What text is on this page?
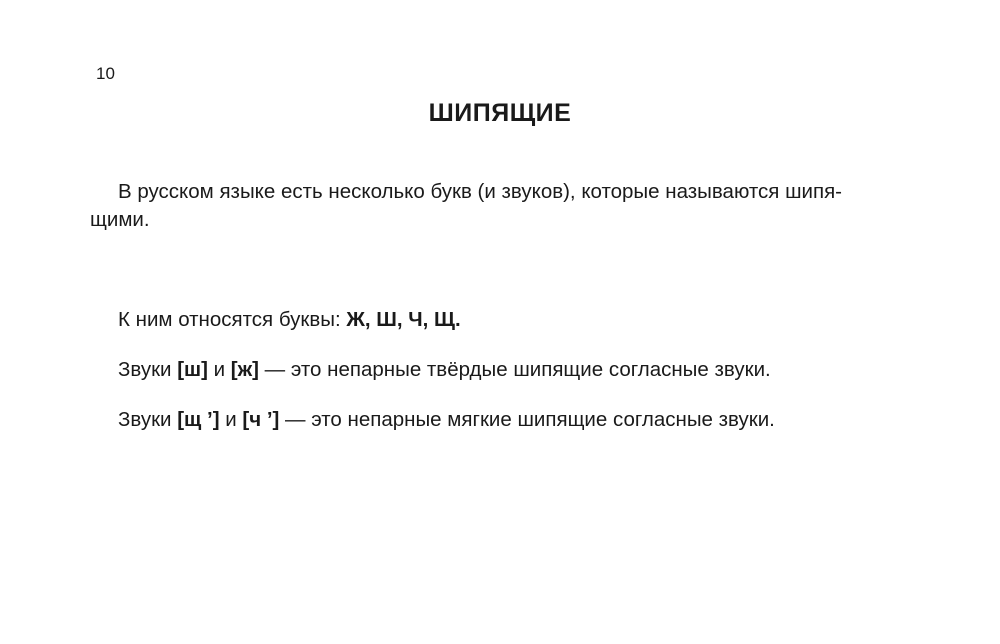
10
ШИПЯЩИЕ

В русском языке есть несколько букв (и звуков), которые называются шипя-
щими.

К ним относятся буквы: Ж, Ш, Ч, Щ.

Звуки [ш] и [ж] — это непарные твёрдые шипящие согласные звуки.

Звуки [щ ’] и [ч ’] — это непарные мягкие шипящие согласные звуки.
